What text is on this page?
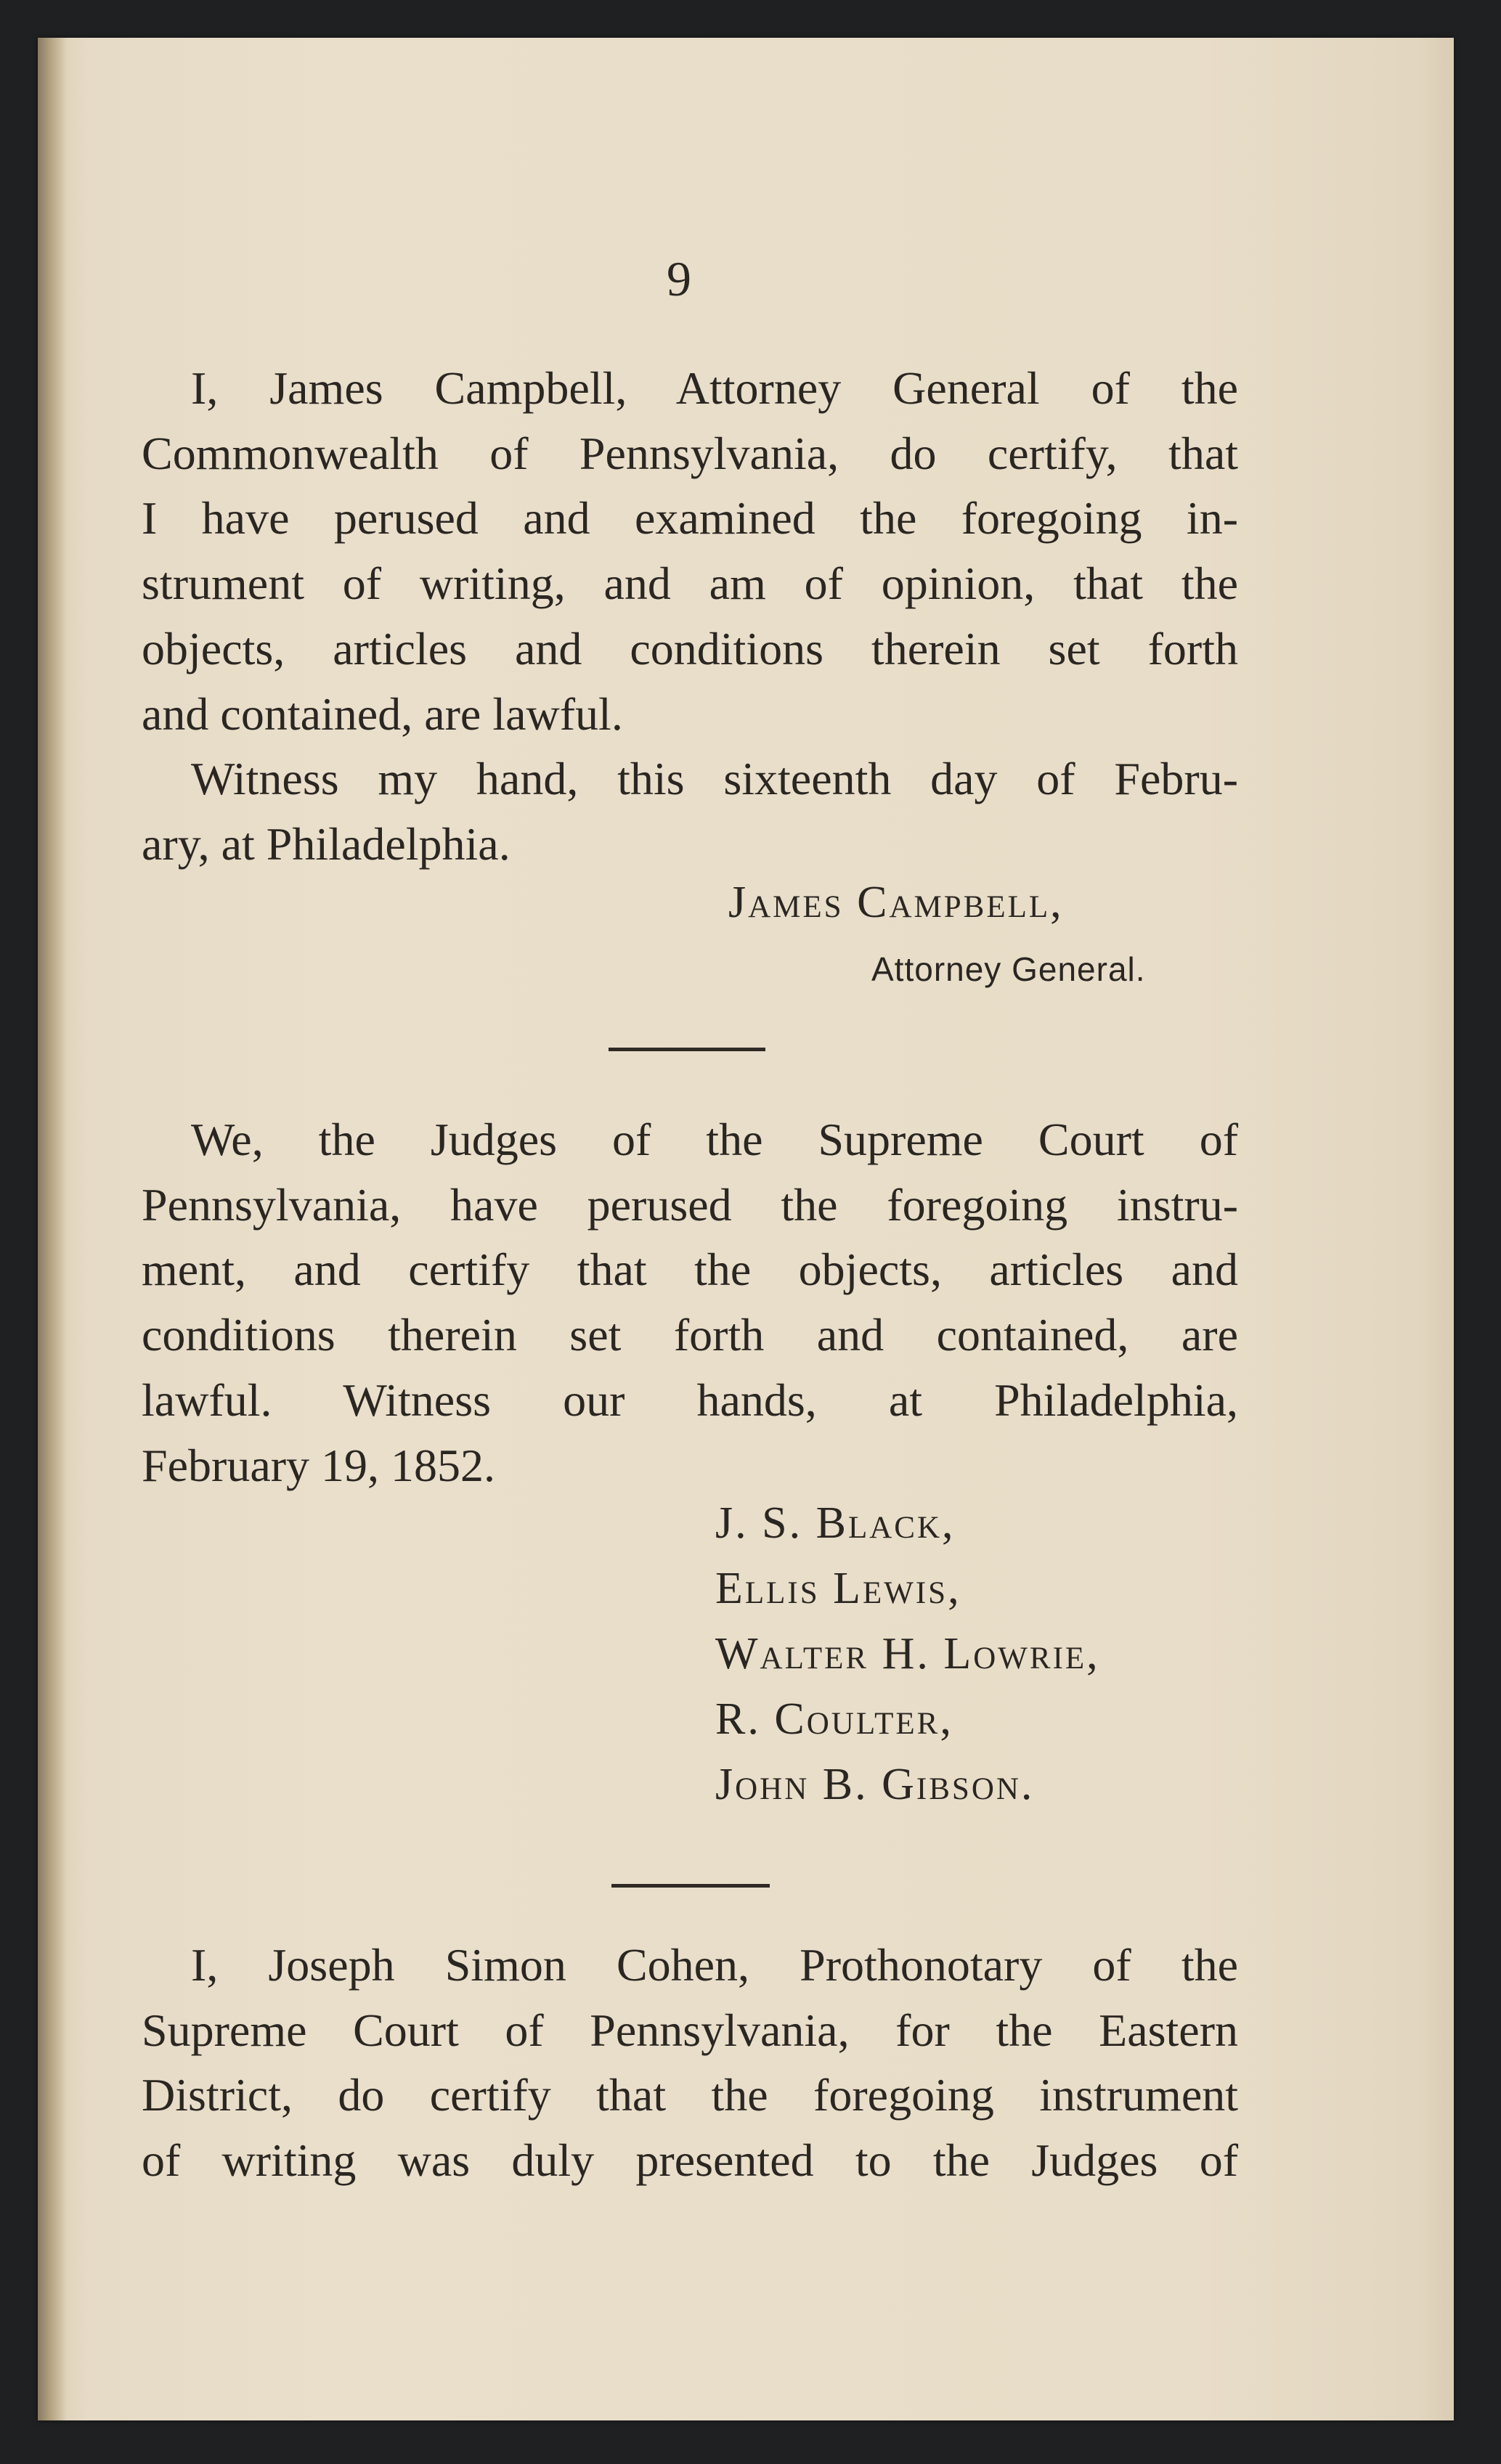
9
I, James Campbell, Attorney General of the
Commonwealth of Pennsylvania, do certify, that
I have perused and examined the foregoing in-
strument of writing, and am of opinion, that the
objects, articles and conditions therein set forth
and contained, are lawful.
Witness my hand, this sixteenth day of Febru-
ary, at Philadelphia.
James Campbell,
Attorney General.
We, the Judges of the Supreme Court of
Pennsylvania, have perused the foregoing instru-
ment, and certify that the objects, articles and
conditions therein set forth and contained, are
lawful. Witness our hands, at Philadelphia,
February 19, 1852.
J. S. Black,
Ellis Lewis,
Walter H. Lowrie,
R. Coulter,
John B. Gibson.
I, Joseph Simon Cohen, Prothonotary of the
Supreme Court of Pennsylvania, for the Eastern
District, do certify that the foregoing instrument
of writing was duly presented to the Judges of
